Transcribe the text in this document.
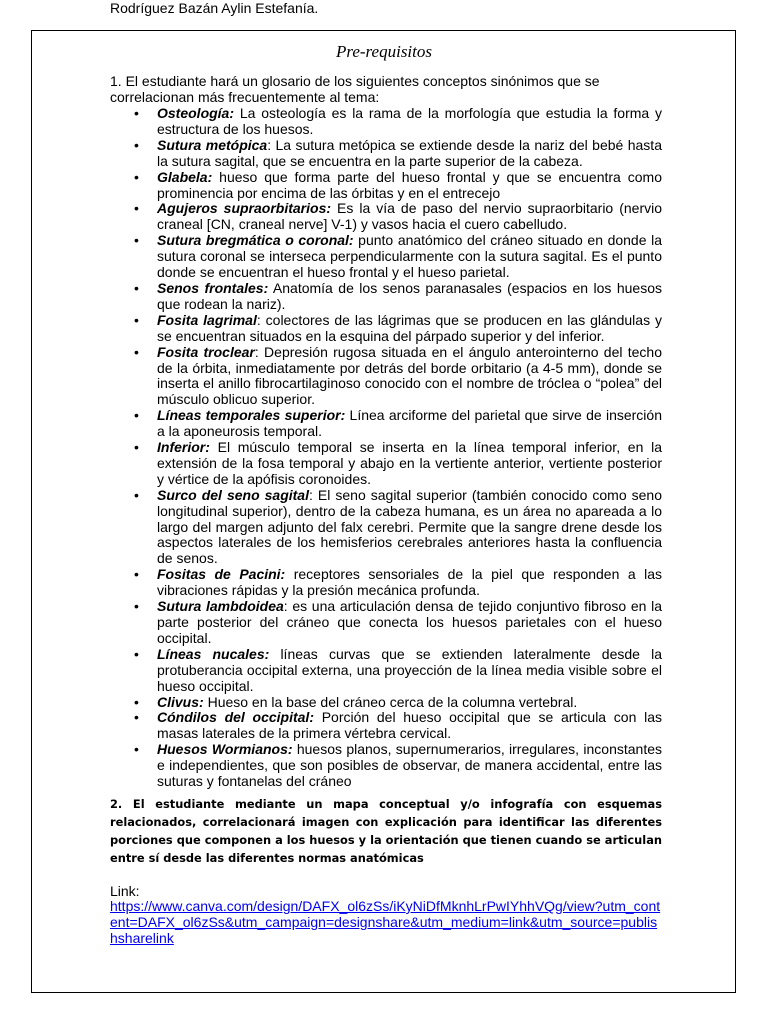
Rodríguez Bazán Aylin Estefanía.
Pre-requisitos
1. El estudiante hará un glosario de los siguientes conceptos sinónimos que se correlacionan más frecuentemente al tema:
• Osteología: La osteología es la rama de la morfología que estudia la forma y estructura de los huesos.
• Sutura metópica: La sutura metópica se extiende desde la nariz del bebé hasta la sutura sagital, que se encuentra en la parte superior de la cabeza.
• Glabela: hueso que forma parte del hueso frontal y que se encuentra como prominencia por encima de las órbitas y en el entrecejo
• Agujeros supraorbitarios: Es la vía de paso del nervio supraorbitario (nervio craneal [CN, craneal nerve] V-1) y vasos hacia el cuero cabelludo.
• Sutura bregmática o coronal: punto anatómico del cráneo situado en donde la sutura coronal se interseca perpendicularmente con la sutura sagital. Es el punto donde se encuentran el hueso frontal y el hueso parietal.
• Senos frontales: Anatomía de los senos paranasales (espacios en los huesos que rodean la nariz).
• Fosita lagrimal: colectores de las lágrimas que se producen en las glándulas y se encuentran situados en la esquina del párpado superior y del inferior.
• Fosita troclear: Depresión rugosa situada en el ángulo anterointerno del techo de la órbita, inmediatamente por detrás del borde orbitario (a 4-5 mm), donde se inserta el anillo fibrocartilaginoso conocido con el nombre de tróclea o “polea” del músculo oblicuo superior.
• Líneas temporales superior: Línea arciforme del parietal que sirve de inserción a la aponeurosis temporal.
• Inferior: El músculo temporal se inserta en la línea temporal inferior, en la extensión de la fosa temporal y abajo en la vertiente anterior, vertiente posterior y vértice de la apófisis coronoides.
• Surco del seno sagital: El seno sagital superior (también conocido como seno longitudinal superior), dentro de la cabeza humana, es un área no apareada a lo largo del margen adjunto del falx cerebri. Permite que la sangre drene desde los aspectos laterales de los hemisferios cerebrales anteriores hasta la confluencia de senos.
• Fositas de Pacini: receptores sensoriales de la piel que responden a las vibraciones rápidas y la presión mecánica profunda.
• Sutura lambdoidea: es una articulación densa de tejido conjuntivo fibroso en la parte posterior del cráneo que conecta los huesos parietales con el hueso occipital.
• Líneas nucales: líneas curvas que se extienden lateralmente desde la protuberancia occipital externa, una proyección de la línea media visible sobre el hueso occipital.
• Clivus: Hueso en la base del cráneo cerca de la columna vertebral.
• Cóndilos del occipital: Porción del hueso occipital que se articula con las masas laterales de la primera vértebra cervical.
• Huesos Wormianos: huesos planos, supernumerarios, irregulares, inconstantes e independientes, que son posibles de observar, de manera accidental, entre las suturas y fontanelas del cráneo
2. El estudiante mediante un mapa conceptual y/o infografía con esquemas relacionados, correlacionará imagen con explicación para identificar las diferentes porciones que componen a los huesos y la orientación que tienen cuando se articulan entre sí desde las diferentes normas anatómicas
Link:
https://www.canva.com/design/DAFX_ol6zSs/iKyNiDfMknhLrPwIYhhVQg/view?utm_content=DAFX_ol6zSs&utm_campaign=designshare&utm_medium=link&utm_source=publishsharelink
